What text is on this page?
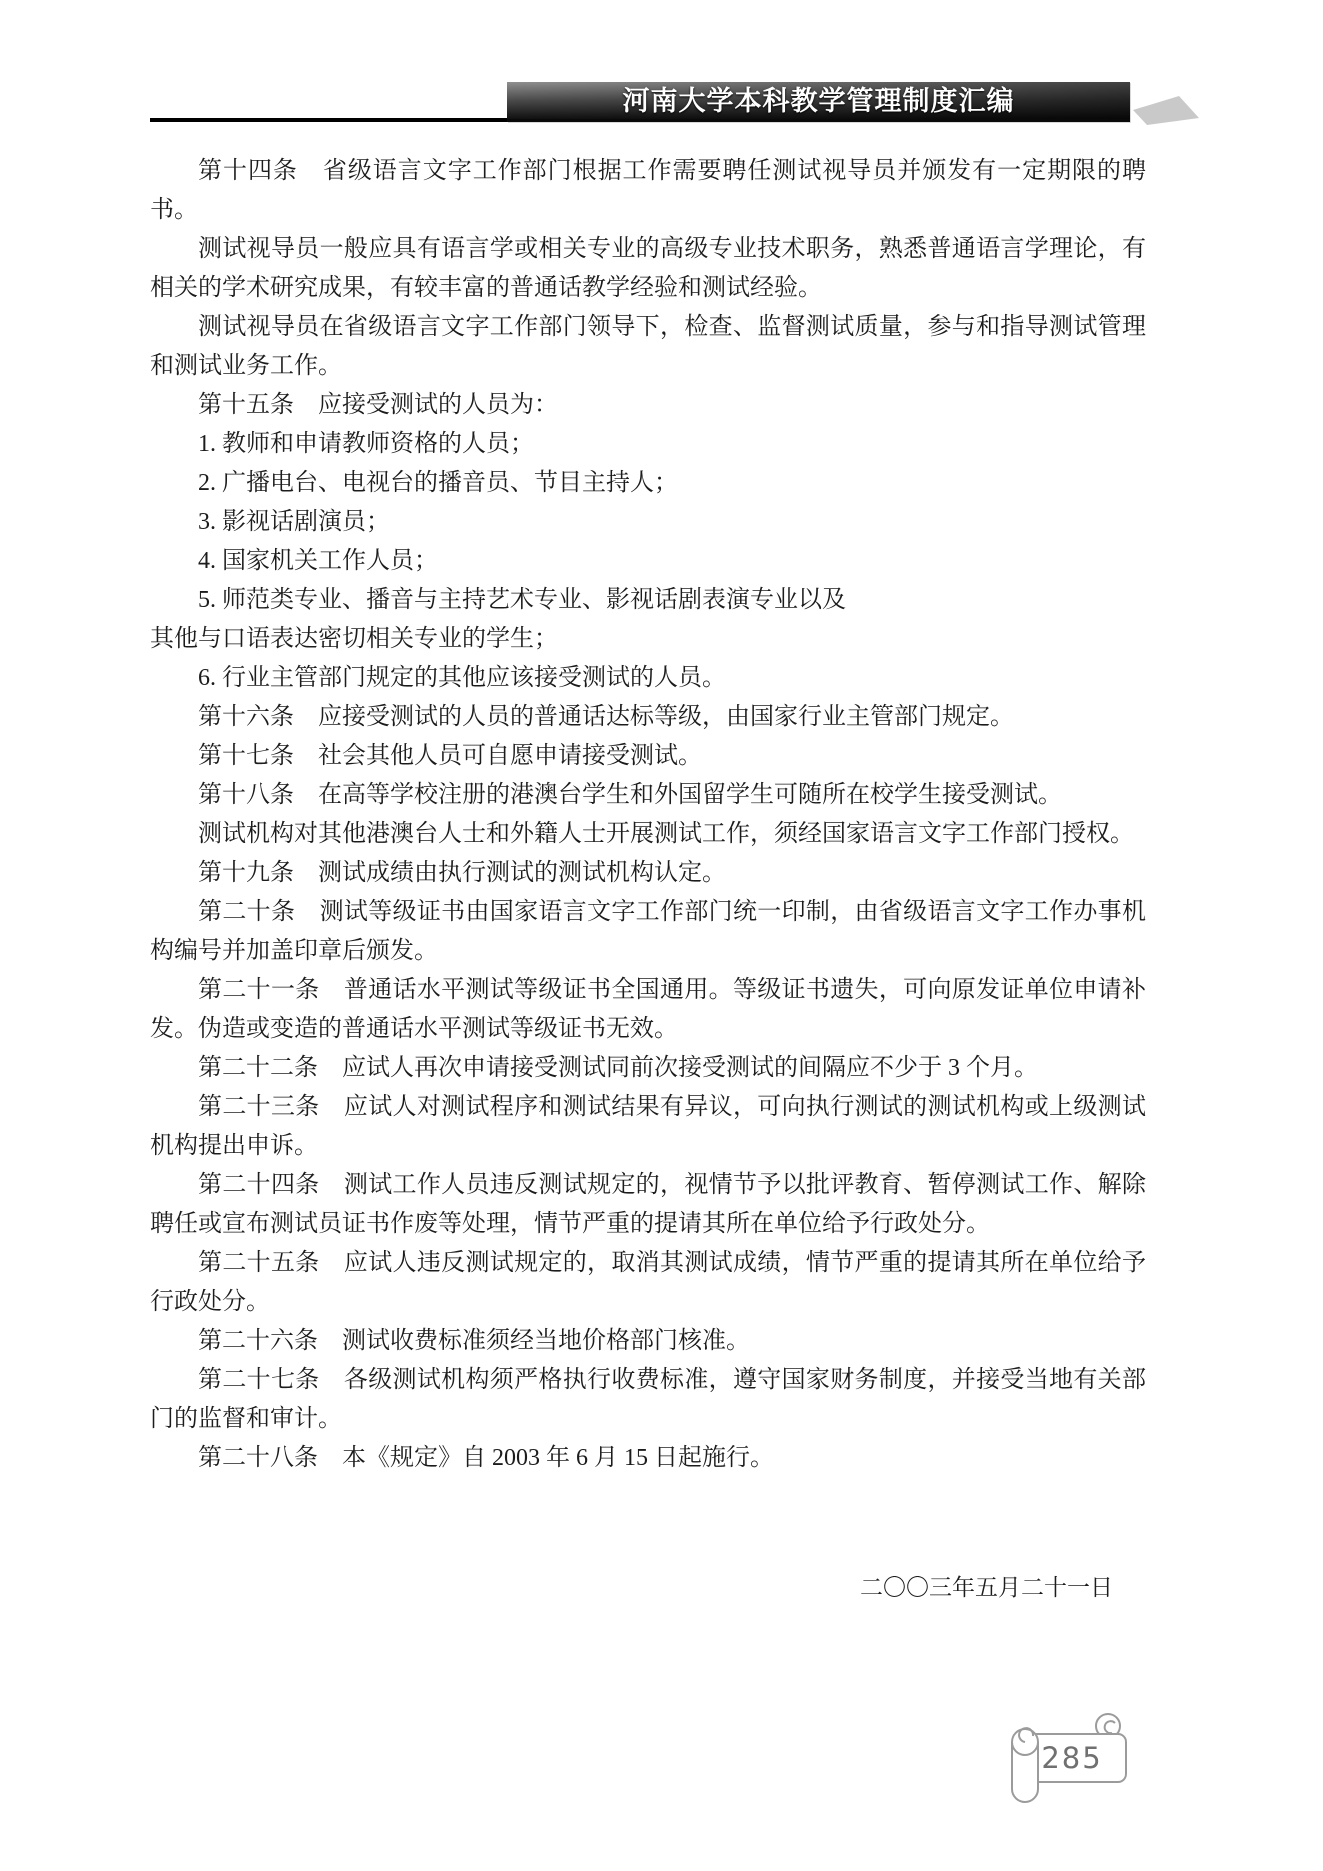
河南大学本科教学管理制度汇编

第十四条　省级语言文字工作部门根据工作需要聘任测试视导员并颁发有一定期限的聘书。

测试视导员一般应具有语言学或相关专业的高级专业技术职务，熟悉普通语言学理论，有相关的学术研究成果，有较丰富的普通话教学经验和测试经验。

测试视导员在省级语言文字工作部门领导下，检查、监督测试质量，参与和指导测试管理和测试业务工作。

第十五条　应接受测试的人员为：

1. 教师和申请教师资格的人员；

2. 广播电台、电视台的播音员、节目主持人；

3. 影视话剧演员；

4. 国家机关工作人员；

5. 师范类专业、播音与主持艺术专业、影视话剧表演专业以及

其他与口语表达密切相关专业的学生；

6. 行业主管部门规定的其他应该接受测试的人员。

第十六条　应接受测试的人员的普通话达标等级，由国家行业主管部门规定。

第十七条　社会其他人员可自愿申请接受测试。

第十八条　在高等学校注册的港澳台学生和外国留学生可随所在校学生接受测试。

测试机构对其他港澳台人士和外籍人士开展测试工作，须经国家语言文字工作部门授权。

第十九条　测试成绩由执行测试的测试机构认定。

第二十条　测试等级证书由国家语言文字工作部门统一印制，由省级语言文字工作办事机构编号并加盖印章后颁发。

第二十一条　普通话水平测试等级证书全国通用。等级证书遗失，可向原发证单位申请补发。伪造或变造的普通话水平测试等级证书无效。

第二十二条　应试人再次申请接受测试同前次接受测试的间隔应不少于 3 个月。

第二十三条　应试人对测试程序和测试结果有异议，可向执行测试的测试机构或上级测试机构提出申诉。

第二十四条　测试工作人员违反测试规定的，视情节予以批评教育、暂停测试工作、解除聘任或宣布测试员证书作废等处理，情节严重的提请其所在单位给予行政处分。

第二十五条　应试人违反测试规定的，取消其测试成绩，情节严重的提请其所在单位给予行政处分。

第二十六条　测试收费标准须经当地价格部门核准。

第二十七条　各级测试机构须严格执行收费标准，遵守国家财务制度，并接受当地有关部门的监督和审计。

第二十八条　本《规定》自 2003 年 6 月 15 日起施行。

二〇〇三年五月二十一日

285
